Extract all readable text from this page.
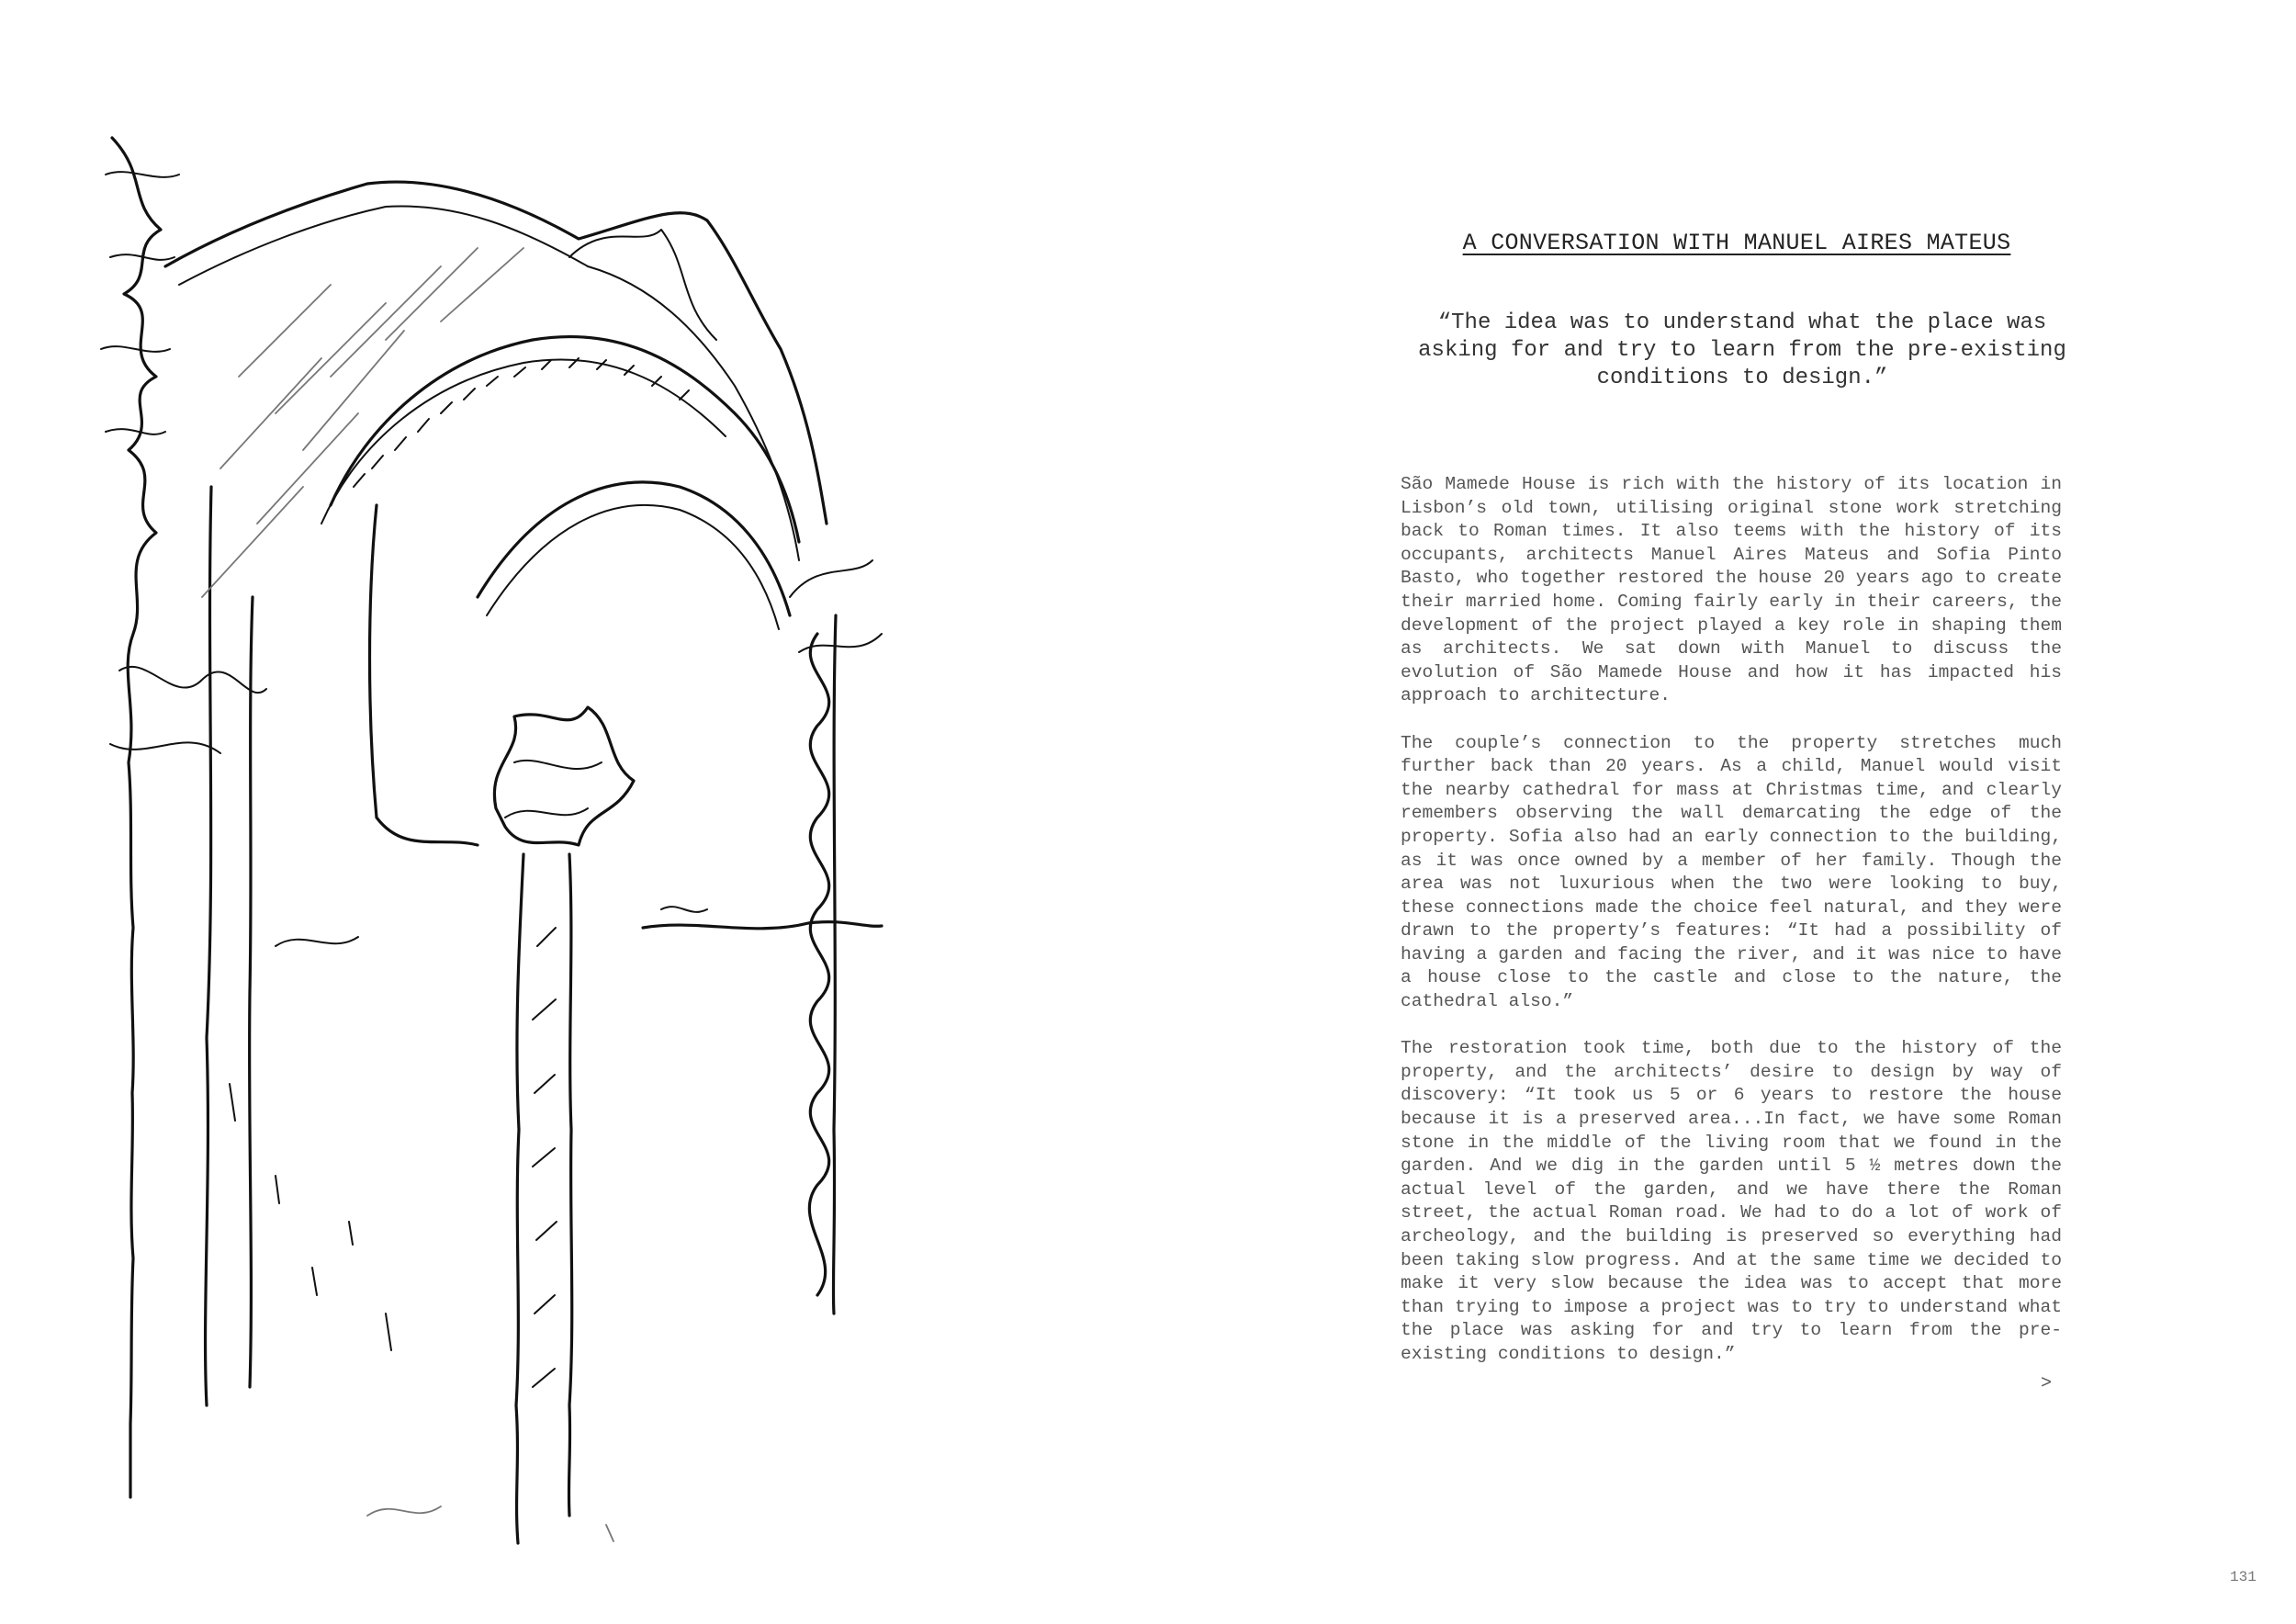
A CONVERSATION WITH MANUEL AIRES MATEUS
“The idea was to understand what the place was asking for and try to learn from the pre-existing conditions to design.”

São Mamede House is rich with the history of its location in Lisbon’s old town, utilising original stone work stretching back to Roman times. It also teems with the history of its occupants, architects Manuel Aires Mateus and Sofia Pinto Basto, who together restored the house 20 years ago to create their married home. Coming fairly early in their careers, the development of the project played a key role in shaping them as architects. We sat down with Manuel to discuss the evolution of São Mamede House and how it has impacted his approach to architecture.

The couple’s connection to the property stretches much further back than 20 years. As a child, Manuel would visit the nearby cathedral for mass at Christmas time, and clearly remembers observing the wall demarcating the edge of the property. Sofia also had an early connection to the building, as it was once owned by a member of her family. Though the area was not luxurious when the two were looking to buy, these connections made the choice feel natural, and they were drawn to the property’s features: “It had a possibility of having a garden and facing the river, and it was nice to have a house close to the castle and close to the nature, the cathedral also.”

The restoration took time, both due to the history of the property, and the architects’ desire to design by way of discovery: “It took us 5 or 6 years to restore the house because it is a preserved area...In fact, we have some Roman stone in the middle of the living room that we found in the garden. And we dig in the garden until 5 ½ metres down the actual level of the garden, and we have there the Roman street, the actual Roman road. We had to do a lot of work of archeology, and the building is preserved so everything had been taking slow progress. And at the same time we decided to make it very slow because the idea was to accept that more than trying to impose a project was to try to understand what the place was asking for and try to learn from the pre-existing conditions to design.”

>
131
